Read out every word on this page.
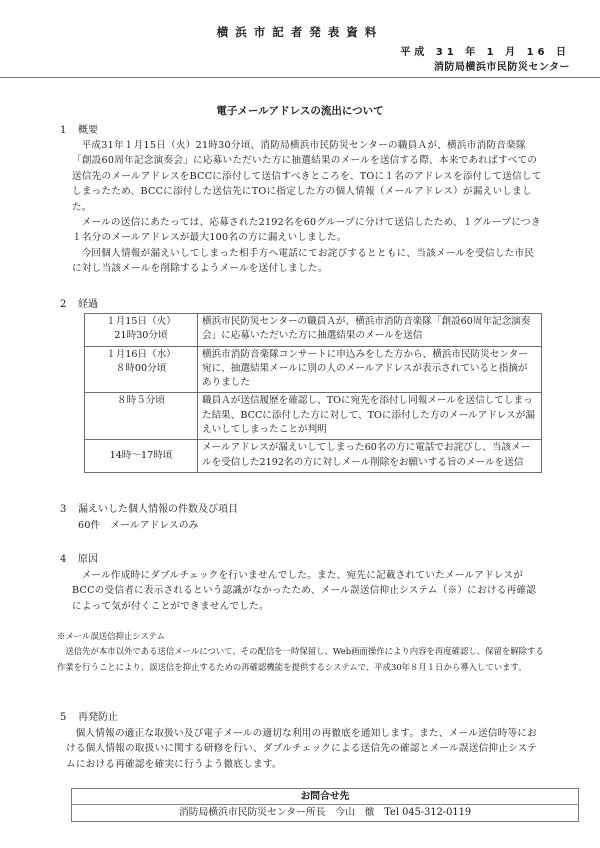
横浜市記者発表資料
平成 31 年 1 月 16 日
消防局横浜市民防災センター
電子メールアドレスの流出について
1 概要

平成31年１月15日（火）21時30分頃、消防局横浜市民防災センターの職員Ａが、横浜市消防音楽隊「創設60周年記念演奏会」に応募いただいた方に抽選結果のメールを送信する際、本来であればすべての送信先のメールアドレスをBCCに添付して送信すべきところを、TOに１名のアドレスを添付して送信してしまったため、BCCに添付した送信先にTOに指定した方の個人情報（メールアドレス）が漏えいしました。

メールの送信にあたっては、応募された2192名を60グループに分けて送信したため、１グループにつき１名分のメールアドレスが最大100名の方に漏えいしました。

今回個人情報が漏えいしてしまった相手方へ電話にてお詫びするとともに、当該メールを受信した市民に対し当該メールを削除するようメールを送付しました。

2 経過
１月15日（火）
21時30分頃	横浜市民防災センターの職員Ａが、横浜市消防音楽隊「創設60周年記念演奏会」に応募いただいた方に抽選結果のメールを送信

１月16日（水）
８時00分頃	横浜市消防音楽隊コンサートに申込みをした方から、横浜市民防災センター宛に、抽選結果メールに別の人のメールアドレスが表示されていると指摘がありました

８時５分頃	職員Ａが送信履歴を確認し、TOに宛先を添付し同報メールを送信してしまった結果、BCCに添付した方に対して、TOに添付した方のメールアドレスが漏えいしてしまったことが判明

14時～17時頃	メールアドレスが漏えいしてしまった60名の方に電話でお詫びし、当該メールを受信した2192名の方に対しメール削除をお願いする旨のメールを送信
3 漏えいした個人情報の件数及び項目
60件　メールアドレスのみ
4 原因

メール作成時にダブルチェックを行いませんでした。また、宛先に記載されていたメールアドレスがBCCの受信者に表示されるという認識がなかったため、メール誤送信抑止システム（※）における再確認によって気が付くことができませんでした。

※メール誤送信抑止システム

送信先が本市以外である送信メールについて、その配信を一時保留し、Web画面操作により内容を再度確認し、保留を解除する作業を行うことにより、誤送信を抑止するための再確認機能を提供するシステムで、平成30年８月１日から導入しています。

5 再発防止

個人情報の適正な取扱い及び電子メールの適切な利用の再徹底を通知します。また、メール送信時等における個人情報の取扱いに関する研修を行い、ダブルチェックによる送信先の確認とメール誤送信抑止システムにおける再確認を確実に行うよう徹底します。

お問合せ先
消防局横浜市民防災センター所長　今山　徹　Tel 045-312-0119
